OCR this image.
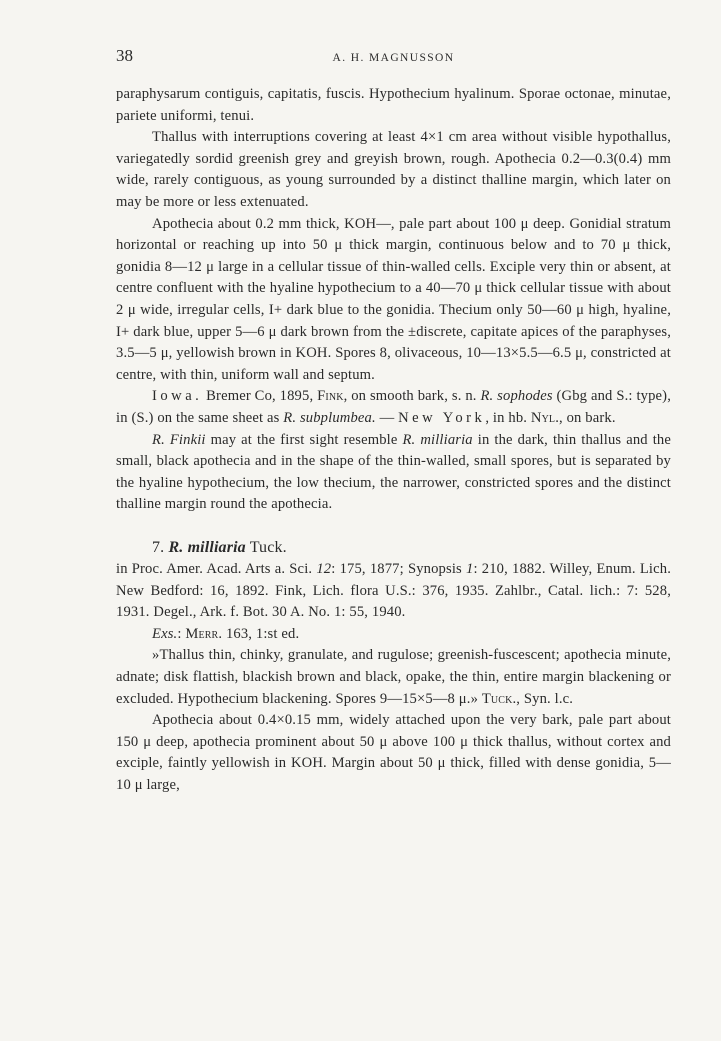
38	A. H. MAGNUSSON

paraphysarum contiguis, capitatis, fuscis. Hypothecium hyalinum. Sporae octonae, minutae, pariete uniformi, tenui.

Thallus with interruptions covering at least 4×1 cm area without visible hypothallus, variegatedly sordid greenish grey and greyish brown, rough. Apothecia 0.2—0.3(0.4) mm wide, rarely contiguous, as young surrounded by a distinct thalline margin, which later on may be more or less extenuated.

Apothecia about 0.2 mm thick, KOH—, pale part about 100 μ deep. Gonidial stratum horizontal or reaching up into 50 μ thick margin, continuous below and to 70 μ thick, gonidia 8—12 μ large in a cellular tissue of thin-walled cells. Exciple very thin or absent, at centre confluent with the hyaline hypothecium to a 40—70 μ thick cellular tissue with about 2 μ wide, irregular cells, I+ dark blue to the gonidia. Thecium only 50—60 μ high, hyaline, I+ dark blue, upper 5—6 μ dark brown from the ±discrete, capitate apices of the paraphyses, 3.5—5 μ, yellowish brown in KOH. Spores 8, olivaceous, 10—13×5.5—6.5 μ, constricted at centre, with thin, uniform wall and septum.

Iowa. Bremer Co, 1895, Fink, on smooth bark, s. n. R. sophodes (Gbg and S.: type), in (S.) on the same sheet as R. subplumbea. — New York, in hb. Nyl., on bark.

R. Finkii may at the first sight resemble R. milliaria in the dark, thin thallus and the small, black apothecia and in the shape of the thin-walled, small spores, but is separated by the hyaline hypothecium, the low thecium, the narrower, constricted spores and the distinct thalline margin round the apothecia.

7. R. milliaria Tuck.

in Proc. Amer. Acad. Arts a. Sci. 12: 175, 1877; Synopsis 1: 210, 1882. Willey, Enum. Lich. New Bedford: 16, 1892. Fink, Lich. flora U.S.: 376, 1935. Zahlbr., Catal. lich.: 7: 528, 1931. Degel., Ark. f. Bot. 30 A. No. 1: 55, 1940.

Exs.: Merr. 163, 1:st ed.

»Thallus thin, chinky, granulate, and rugulose; greenish-fuscescent; apothecia minute, adnate; disk flattish, blackish brown and black, opake, the thin, entire margin blackening or excluded. Hypothecium blackening. Spores 9—15×5—8 μ.» Tuck., Syn. l.c.

Apothecia about 0.4×0.15 mm, widely attached upon the very bark, pale part about 150 μ deep, apothecia prominent about 50 μ above 100 μ thick thallus, without cortex and exciple, faintly yellowish in KOH. Margin about 50 μ thick, filled with dense gonidia, 5—10 μ large,
